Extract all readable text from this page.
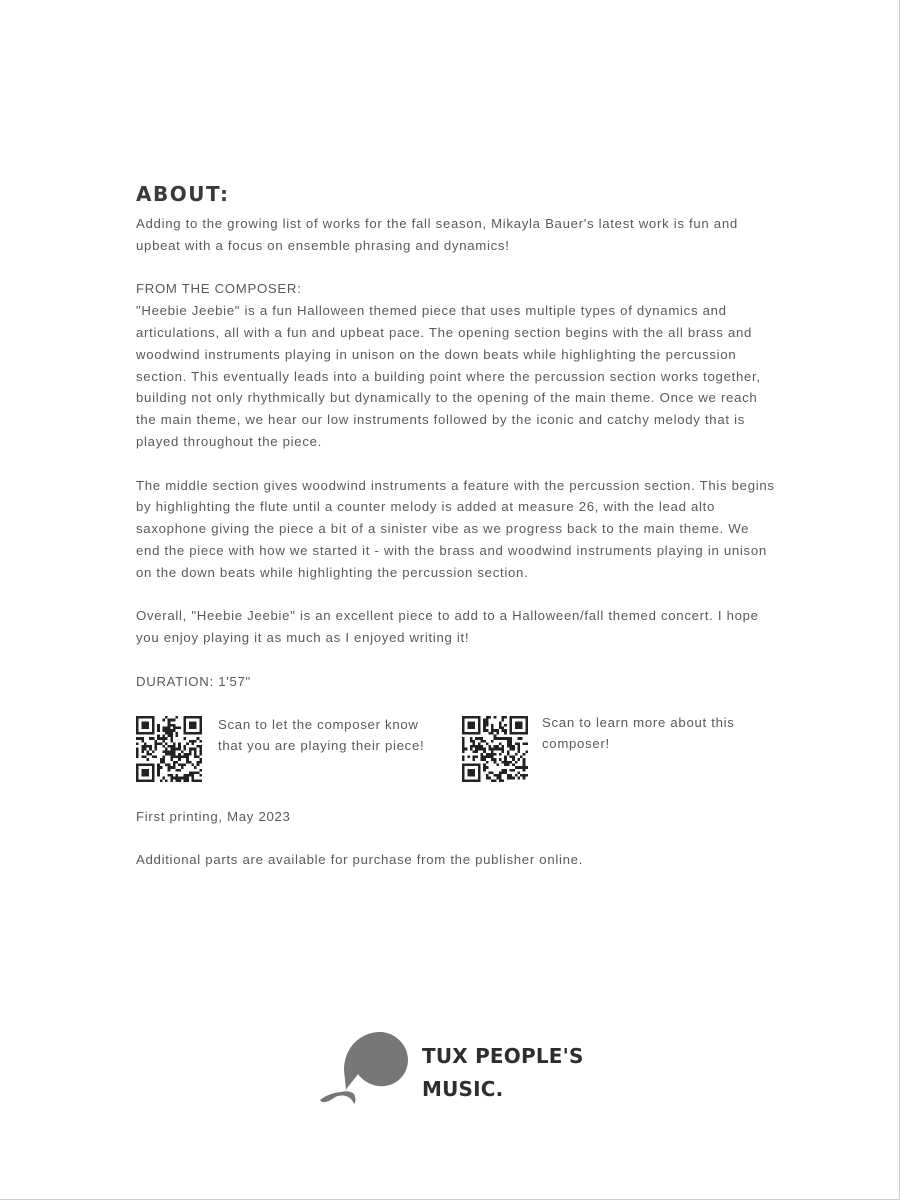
ABOUT:

Adding to the growing list of works for the fall season, Mikayla Bauer's latest work is fun and upbeat with a focus on ensemble phrasing and dynamics!

FROM THE COMPOSER:

"Heebie Jeebie" is a fun Halloween themed piece that uses multiple types of dynamics and articulations, all with a fun and upbeat pace. The opening section begins with the all brass and woodwind instruments playing in unison on the down beats while highlighting the percussion section. This eventually leads into a building point where the percussion section works together, building not only rhythmically but dynamically to the opening of the main theme. Once we reach the main theme, we hear our low instruments followed by the iconic and catchy melody that is played throughout the piece.

The middle section gives woodwind instruments a feature with the percussion section. This begins by highlighting the flute until a counter melody is added at measure 26, with the lead alto saxophone giving the piece a bit of a sinister vibe as we progress back to the main theme. We end the piece with how we started it - with the brass and woodwind instruments playing in unison on the down beats while highlighting the percussion section.

Overall, "Heebie Jeebie" is an excellent piece to add to a Halloween/fall themed concert. I hope you enjoy playing it as much as I enjoyed writing it!

DURATION: 1'57"

Scan to let the composer know that you are playing their piece!
Scan to learn more about this composer!

First printing, May 2023

Additional parts are available for purchase from the publisher online.

TUX PEOPLE'S
MUSIC.
